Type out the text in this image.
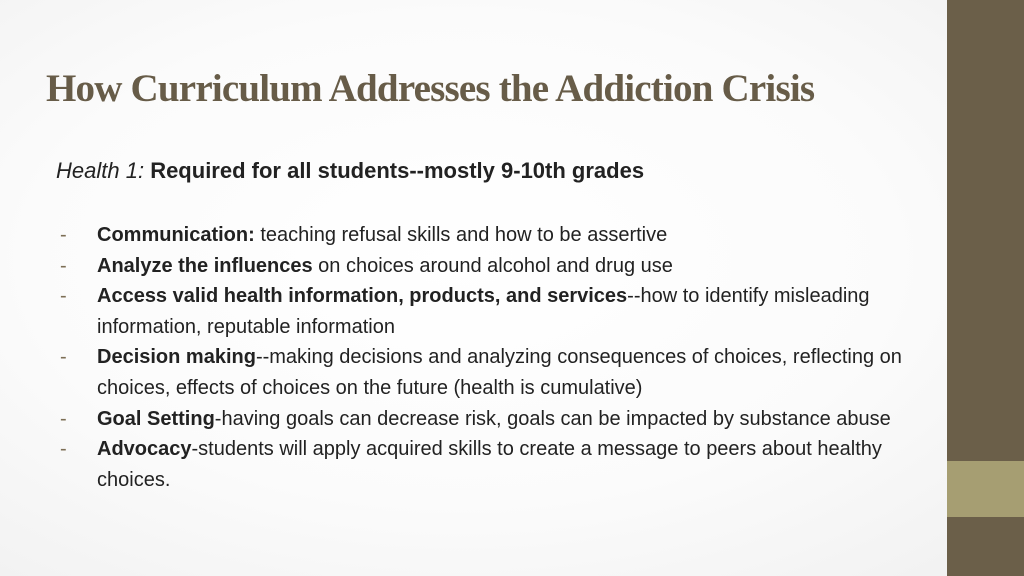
How Curriculum Addresses the Addiction Crisis
Health 1: Required for all students--mostly 9-10th grades
- Communication: teaching refusal skills and how to be assertive
- Analyze the influences on choices around alcohol and drug use
- Access valid health information, products, and services--how to identify misleading information, reputable information
- Decision making--making decisions and analyzing consequences of choices, reflecting on choices, effects of choices on the future (health is cumulative)
- Goal Setting-having goals can decrease risk, goals can be impacted by substance abuse
- Advocacy-students will apply acquired skills to create a message to peers about healthy choices.
